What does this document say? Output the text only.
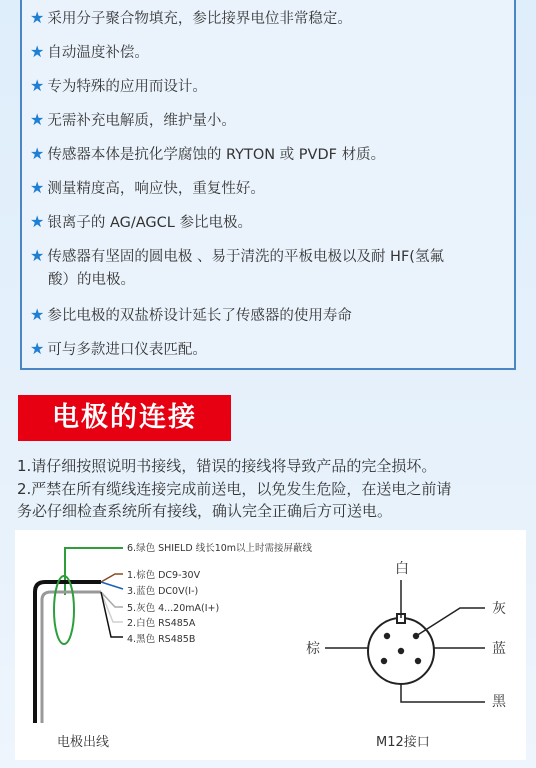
★ 采用分子聚合物填充，参比接界电位非常稳定。
★ 自动温度补偿。
★ 专为特殊的应用而设计。
★ 无需补充电解质，维护量小。
★ 传感器本体是抗化学腐蚀的 RYTON 或 PVDF 材质。
★ 测量精度高，响应快，重复性好。
★ 银离子的 AG/AGCL 参比电极。
★ 传感器有坚固的圆电极 、易于清洗的平板电极以及耐 HF(氢氟
酸）的电极。
★ 参比电极的双盐桥设计延长了传感器的使用寿命
★ 可与多款进口仪表匹配。
电极的连接
1.请仔细按照说明书接线，错误的接线将导致产品的完全损坏。
2.严禁在所有缆线连接完成前送电，以免发生危险，在送电之前请
务必仔细检查系统所有接线，确认完全正确后方可送电。
6.绿色 SHIELD 线长10m以上时需接屏蔽线
1.棕色 DC9-30V
3.蓝色 DC0V(I-)
5.灰色 4...20mA(I+)
2.白色 RS485A
4.黑色 RS485B
电极出线
白
灰
棕	蓝
黑
M12接口
